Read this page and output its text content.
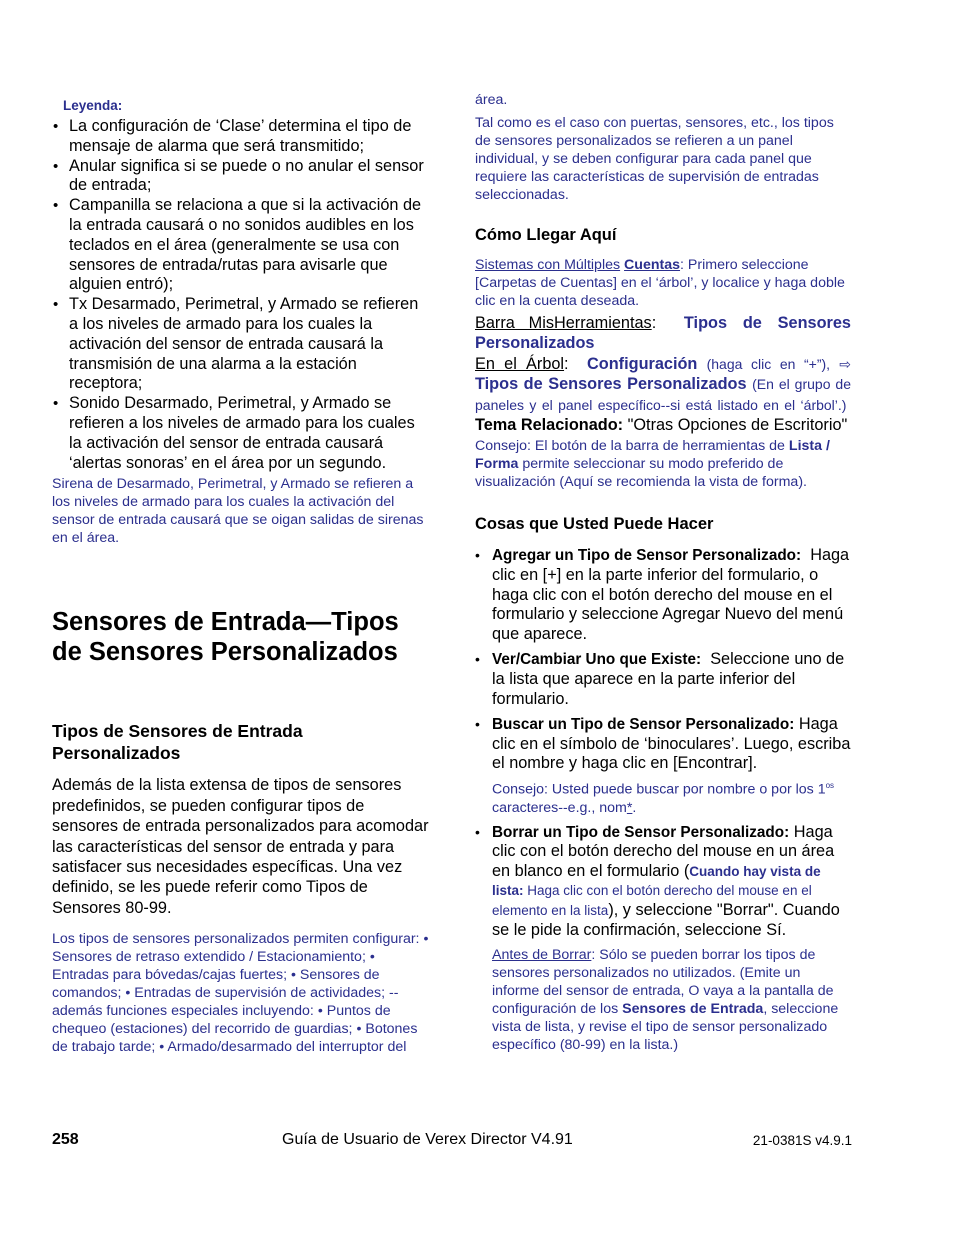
Leyenda:
• La configuración de ‘Clase’ determina el tipo de mensaje de alarma que será transmitido;
• Anular significa si se puede o no anular el sensor de entrada;
• Campanilla se relaciona a que si la activación de la entrada causará o no sonidos audibles en los teclados en el área (generalmente se usa con sensores de entrada/rutas para avisarle que alguien entró);
• Tx Desarmado, Perimetral, y Armado se refieren a los niveles de armado para los cuales la activación del sensor de entrada causará la transmisión de una alarma a la estación receptora;
• Sonido Desarmado, Perimetral, y Armado se refieren a los niveles de armado para los cuales la activación del sensor de entrada causará ‘alertas sonoras’ en el área por un segundo.

Sirena de Desarmado, Perimetral, y Armado se refieren a los niveles de armado para los cuales la activación del sensor de entrada causará que se oigan salidas de sirenas en el área.

Sensores de Entrada—Tipos de Sensores Personalizados
Tipos de Sensores de Entrada Personalizados

Además de la lista extensa de tipos de sensores predefinidos, se pueden configurar tipos de sensores de entrada personalizados para acomodar las características del sensor de entrada y para satisfacer sus necesidades específicas. Una vez definido, se les puede referir como Tipos de Sensores 80-99.

Los tipos de sensores personalizados permiten configurar: • Sensores de retraso extendido / Estacionamiento; • Entradas para bóvedas/cajas fuertes; • Sensores de comandos; • Entradas de supervisión de actividades; -- además funciones especiales incluyendo: • Puntos de chequeo (estaciones) del recorrido de guardias; • Botones de trabajo tarde; • Armado/desarmado del interruptor del

área.

Tal como es el caso con puertas, sensores, etc., los tipos de sensores personalizados se refieren a un panel individual, y se deben configurar para cada panel que requiere las características de supervisión de entradas seleccionadas.

Cómo Llegar Aquí

Sistemas con Múltiples Cuentas: Primero seleccione [Carpetas de Cuentas] en el ‘árbol’, y localice y haga doble clic en la cuenta deseada.

Barra MisHerramientas:  Tipos de Sensores Personalizados

En el Árbol:  Configuración (haga clic en “+”), ⇨Tipos de Sensores Personalizados (En el grupo de paneles y el panel específico--si está listado en el ‘árbol’.)  Tema Relacionado: "Otras Opciones de Escritorio"

Consejo: El botón de la barra de herramientas de Lista / Forma permite seleccionar su modo preferido de visualización (Aquí se recomienda la vista de forma).

Cosas que Usted Puede Hacer
• Agregar un Tipo de Sensor Personalizado: Haga clic en [+] en la parte inferior del formulario, o haga clic con el botón derecho del mouse en el formulario y seleccione Agregar Nuevo del menú que aparece.
• Ver/Cambiar Uno que Existe: Seleccione uno de la lista que aparece en la parte inferior del formulario.
• Buscar un Tipo de Sensor Personalizado: Haga clic en el símbolo de ‘binoculares’. Luego, escriba el nombre y haga clic en [Encontrar].

Consejo: Usted puede buscar por nombre o por los $1^{os}$ caracteres--e.g., nom*.

• Borrar un Tipo de Sensor Personalizado: Haga clic con el botón derecho del mouse en un área en blanco en el formulario (Cuando hay vista de lista: Haga clic con el botón derecho del mouse en el elemento en la lista), y seleccione "Borrar". Cuando se le pide la confirmación, seleccione Sí.

Antes de Borrar: Sólo se pueden borrar los tipos de sensores personalizados no utilizados. (Emite un informe del sensor de entrada, O vaya a la pantalla de configuración de los Sensores de Entrada, seleccione vista de lista, y revise el tipo de sensor personalizado específico (80-99) en la lista.)

258	Guía de Usuario de Verex Director V4.91	21-0381S v4.9.1
